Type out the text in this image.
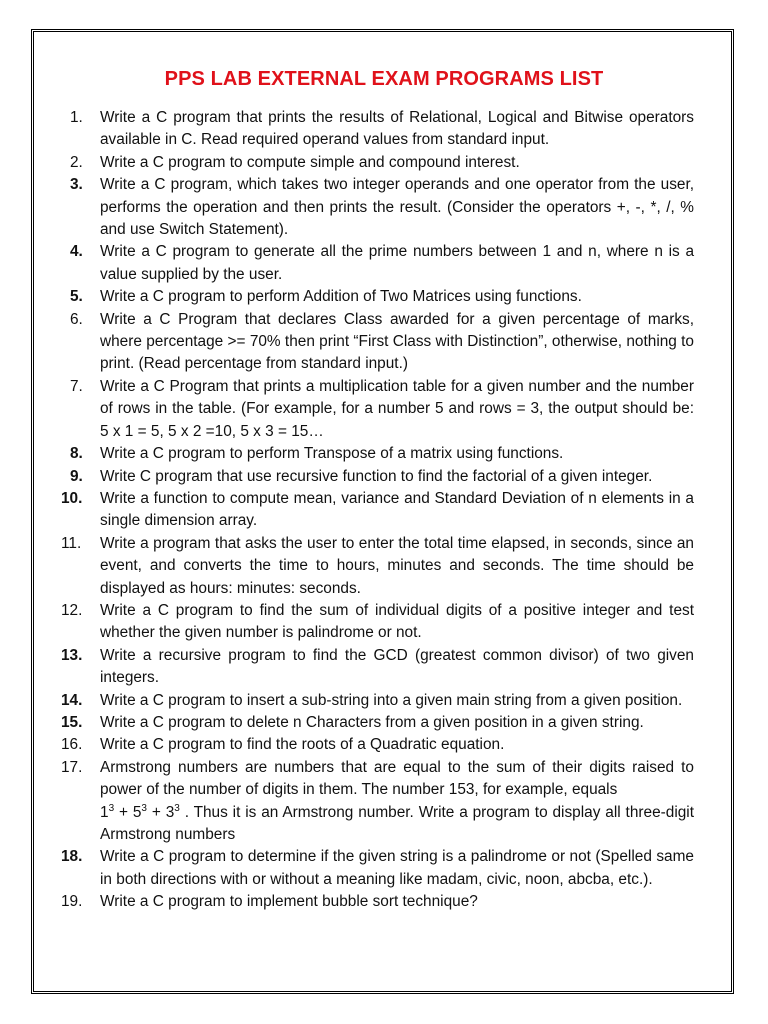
PPS LAB EXTERNAL EXAM PROGRAMS LIST
1.	Write a C program that prints the results of Relational, Logical and Bitwise operators available in C. Read required operand values from standard input.
2.	Write a C program to compute simple and compound interest.
3.	Write a C program, which takes two integer operands and one operator from the user, performs the operation and then prints the result. (Consider the operators +, -, *, /, % and use Switch Statement).
4.	Write a C program to generate all the prime numbers between 1 and n, where n is a value supplied by the user.
5.	Write a C program to perform Addition of Two Matrices using functions.
6.	Write a C Program that declares Class awarded for a given percentage of marks, where percentage >= 70% then print “First Class with Distinction”, otherwise, nothing to print. (Read percentage from standard input.)
7.	Write a C Program that prints a multiplication table for a given number and the number of rows in the table. (For example, for a number 5 and rows = 3, the output should be: 5 x 1 = 5, 5 x 2 =10, 5 x 3 = 15…
8.	Write a C program to perform Transpose of a matrix using functions.
9.	Write C program that use recursive function to find the factorial of a given integer.
10.	Write a function to compute mean, variance and Standard Deviation of n elements in a single dimension array.
11.	Write a program that asks the user to enter the total time elapsed, in seconds, since an event, and converts the time to hours, minutes and seconds. The time should be displayed as hours: minutes: seconds.
12.	Write a C program to find the sum of individual digits of a positive integer and test whether the given number is palindrome or not.
13.	Write a recursive program to find the GCD (greatest common divisor) of two given integers.
14.	Write a C program to insert a sub-string into a given main string from a given position.
15.	Write a C program to delete n Characters from a given position in a given string.
16.	Write a C program to find the roots of a Quadratic equation.
17.	Armstrong numbers are numbers that are equal to the sum of their digits raised to power of the number of digits in them. The number 153, for example, equals
$1^3 + 5^3 + 3^3$ . Thus it is an Armstrong number. Write a program to display all three-digit Armstrong numbers
18.	Write a C program to determine if the given string is a palindrome or not (Spelled same in both directions with or without a meaning like madam, civic, noon, abcba, etc.).
19.	Write a C program to implement bubble sort technique?
